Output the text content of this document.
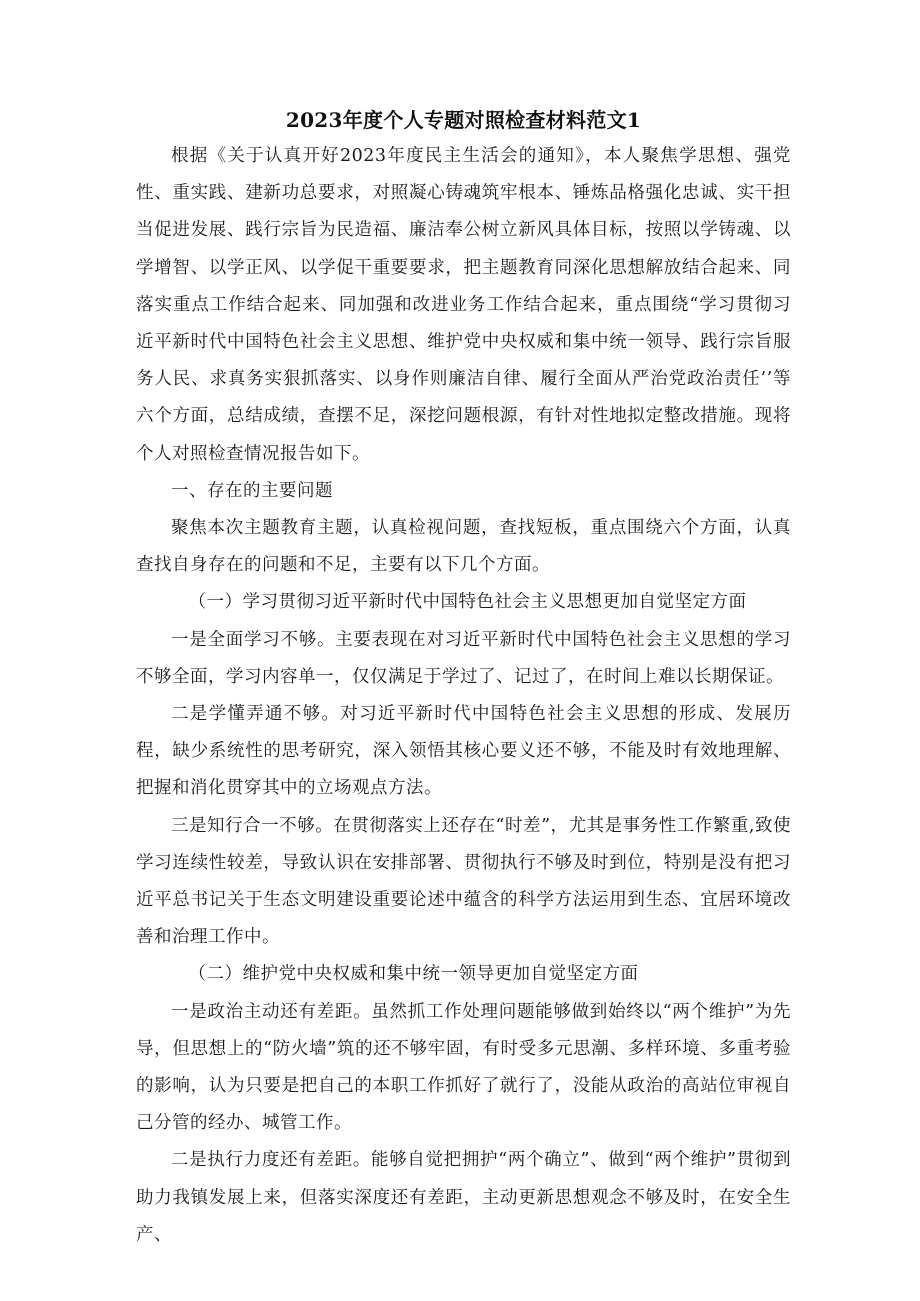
2023年度个人专题对照检查材料范文1

根据《关于认真开好2023年度民主生活会的通知》，本人聚焦学思想、强党性、重实践、建新功总要求，对照凝心铸魂筑牢根本、锤炼品格强化忠诚、实干担当促进发展、践行宗旨为民造福、廉洁奉公树立新风具体目标，按照以学铸魂、以学增智、以学正风、以学促干重要要求，把主题教育同深化思想解放结合起来、同落实重点工作结合起来、同加强和改进业务工作结合起来，重点围绕“学习贯彻习近平新时代中国特色社会主义思想、维护党中央权威和集中统一领导、践行宗旨服务人民、求真务实狠抓落实、以身作则廉洁自律、履行全面从严治党政治责任’’等六个方面，总结成绩，查摆不足，深挖问题根源，有针对性地拟定整改措施。现将个人对照检查情况报告如下。

一、存在的主要问题

聚焦本次主题教育主题，认真检视问题，查找短板，重点围绕六个方面，认真查找自身存在的问题和不足，主要有以下几个方面。

（一）学习贯彻习近平新时代中国特色社会主义思想更加自觉坚定方面

一是全面学习不够。主要表现在对习近平新时代中国特色社会主义思想的学习不够全面，学习内容单一，仅仅满足于学过了、记过了，在时间上难以长期保证。

二是学懂弄通不够。对习近平新时代中国特色社会主义思想的形成、发展历程，缺少系统性的思考研究，深入领悟其核心要义还不够，不能及时有效地理解、把握和消化贯穿其中的立场观点方法。

三是知行合一不够。在贯彻落实上还存在“时差”，尤其是事务性工作繁重,致使学习连续性较差，导致认识在安排部署、贯彻执行不够及时到位，特别是没有把习近平总书记关于生态文明建设重要论述中蕴含的科学方法运用到生态、宜居环境改善和治理工作中。

（二）维护党中央权威和集中统一领导更加自觉坚定方面

一是政治主动还有差距。虽然抓工作处理问题能够做到始终以“两个维护”为先导，但思想上的“防火墙”筑的还不够牢固，有时受多元思潮、多样环境、多重考验的影响，认为只要是把自己的本职工作抓好了就行了，没能从政治的高站位审视自己分管的经办、城管工作。

二是执行力度还有差距。能够自觉把拥护“两个确立”、做到“两个维护”贯彻到助力我镇发展上来，但落实深度还有差距，主动更新思想观念不够及时，在安全生产、
